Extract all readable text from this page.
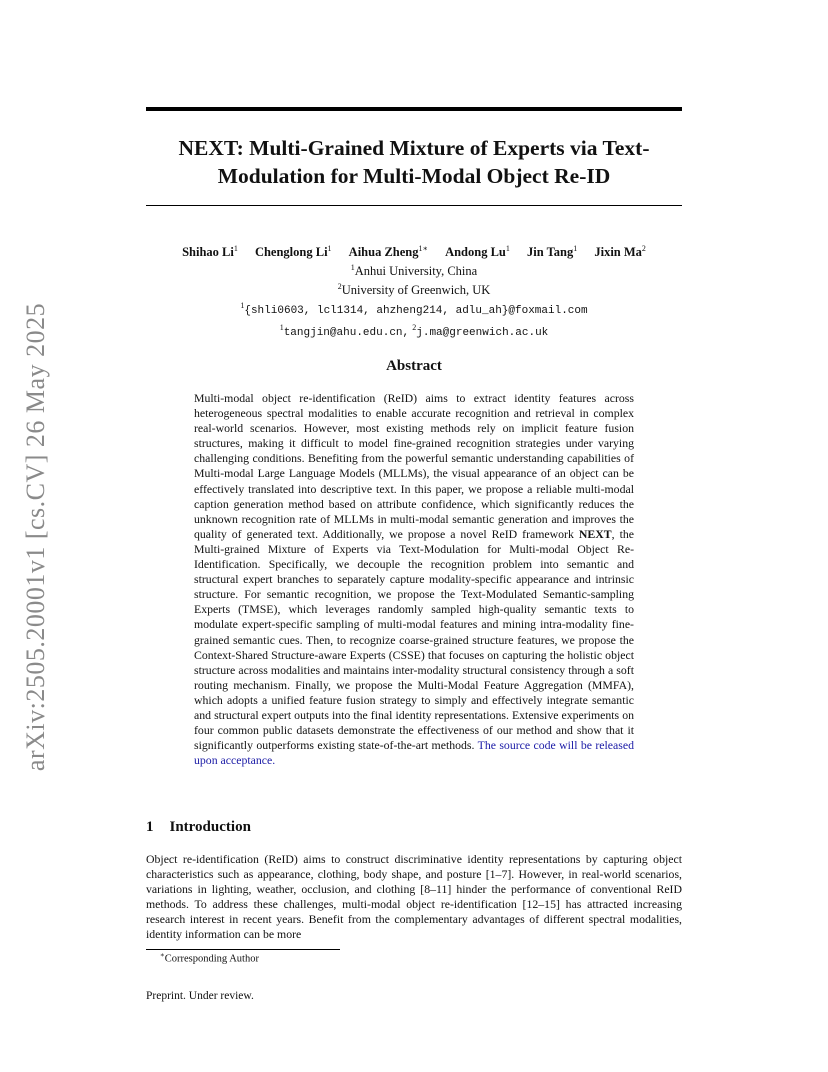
arXiv:2505.20001v1 [cs.CV] 26 May 2025
NEXT: Multi-Grained Mixture of Experts via Text-Modulation for Multi-Modal Object Re-ID
Shihao Li$^1$ Chenglong Li$^1$ Aihua Zheng$^{1∗}$ Andong Lu$^1$ Jin Tang$^1$ Jixin Ma$^2$
$^1$Anhui University, China
$^2$University of Greenwich, UK
$^1${shli0603, lcl1314, ahzheng214, adlu_ah}@foxmail.com
$^1$tangjin@ahu.edu.cn, $^2$j.ma@greenwich.ac.uk
Abstract
Multi-modal object re-identification (ReID) aims to extract identity features across heterogeneous spectral modalities to enable accurate recognition and retrieval in complex real-world scenarios. However, most existing methods rely on implicit feature fusion structures, making it difficult to model fine-grained recognition strategies under varying challenging conditions. Benefiting from the powerful semantic understanding capabilities of Multi-modal Large Language Models (MLLMs), the visual appearance of an object can be effectively translated into descriptive text. In this paper, we propose a reliable multi-modal caption generation method based on attribute confidence, which significantly reduces the unknown recognition rate of MLLMs in multi-modal semantic generation and improves the quality of generated text. Additionally, we propose a novel ReID framework NEXT, the Multi-grained Mixture of Experts via Text-Modulation for Multi-modal Object Re-Identification. Specifically, we decouple the recognition problem into semantic and structural expert branches to separately capture modality-specific appearance and intrinsic structure. For semantic recognition, we propose the Text-Modulated Semantic-sampling Experts (TMSE), which leverages randomly sampled high-quality semantic texts to modulate expert-specific sampling of multi-modal features and mining intra-modality fine-grained semantic cues. Then, to recognize coarse-grained structure features, we propose the Context-Shared Structure-aware Experts (CSSE) that focuses on capturing the holistic object structure across modalities and maintains inter-modality structural consistency through a soft routing mechanism. Finally, we propose the Multi-Modal Feature Aggregation (MMFA), which adopts a unified feature fusion strategy to simply and effectively integrate semantic and structural expert outputs into the final identity representations. Extensive experiments on four common public datasets demonstrate the effectiveness of our method and show that it significantly outperforms existing state-of-the-art methods. The source code will be released upon acceptance.
1 Introduction
Object re-identification (ReID) aims to construct discriminative identity representations by capturing object characteristics such as appearance, clothing, body shape, and posture [1–7]. However, in real-world scenarios, variations in lighting, weather, occlusion, and clothing [8–11] hinder the performance of conventional ReID methods. To address these challenges, multi-modal object re-identification [12–15] has attracted increasing research interest in recent years. Benefit from the complementary advantages of different spectral modalities, identity information can be more
∗Corresponding Author
Preprint. Under review.
